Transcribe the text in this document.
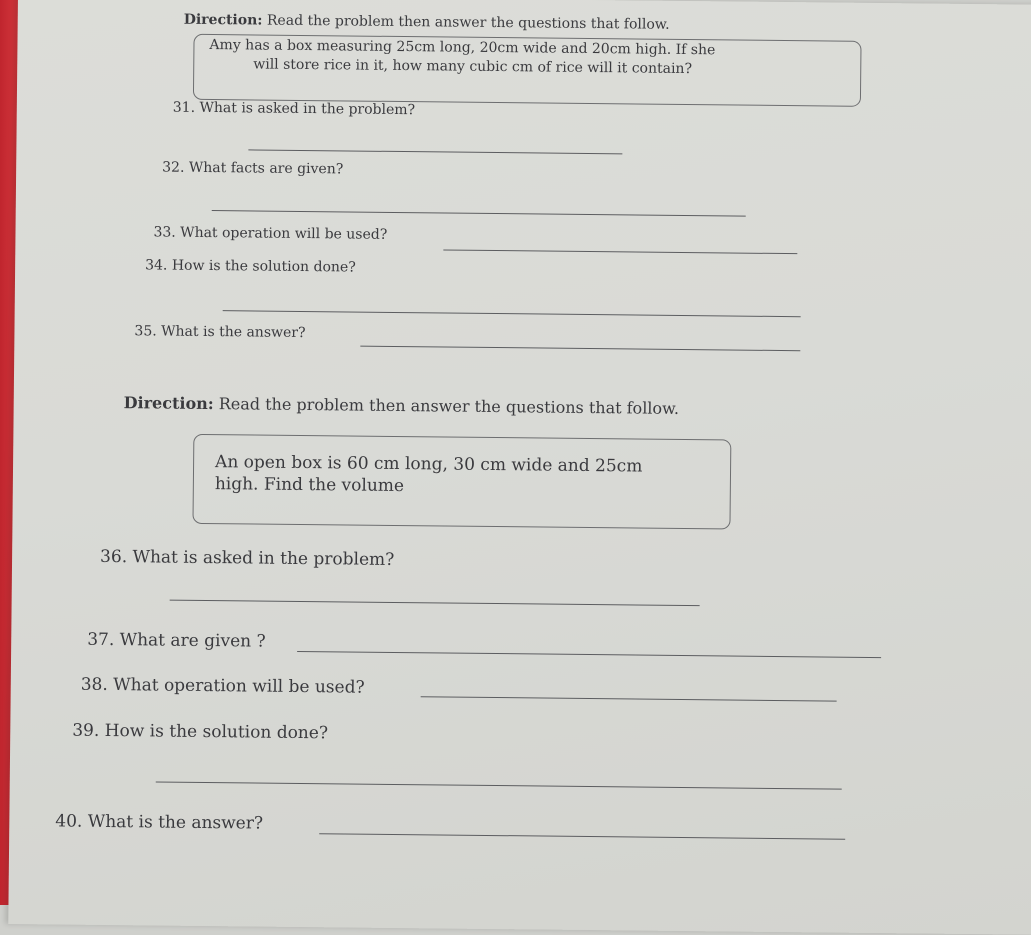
Direction: Read the problem then answer the questions that follow.
Amy has a box measuring 25cm long, 20cm wide and 20cm high. If she
will store rice in it, how many cubic cm of rice will it contain?
31. What is asked in the problem?
32. What facts are given?
33. What operation will be used?
34. How is the solution done?
35. What is the answer?
Direction: Read the problem then answer the questions that follow.
An open box is 60 cm long, 30 cm wide and 25cm
high. Find the volume
36. What is asked in the problem?
37. What are given ?
38. What operation will be used?
39. How is the solution done?
40. What is the answer?
